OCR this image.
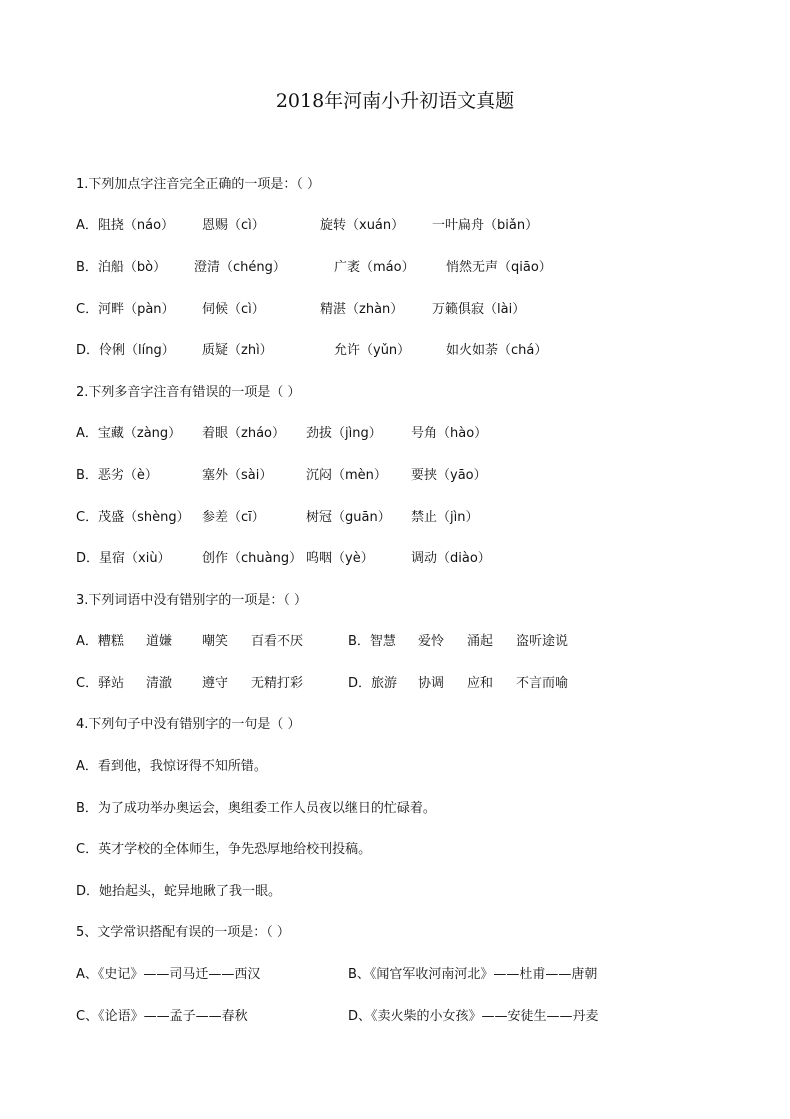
2018年河南小升初语文真题
1.下列加点字注音完全正确的一项是：（ ）
A．阻挠（náo） 恩赐（cì）	旋转（xuán） 一叶扁舟（biǎn）
B．泊船（bò） 澄清（chéng）	广袤（máo） 悄然无声（qiāo）
C．河畔（pàn） 伺候（cì）	精湛（zhàn） 万籁俱寂（lài）
D．伶俐（líng） 质疑（zhì）	允许（yǔn）	如火如荼（chá）
2.下列多音字注音有错误的一项是（ ）
A．宝藏（zàng） 着眼（zháo） 劲拔（jìng） 号角（hào）
B．恶劣（è）	塞外（sài）	沉闷（mèn） 要挟（yāo）
C．茂盛（shèng） 参差（cī）	树冠（guān） 禁止（jìn）
D．星宿（xiù） 创作（chuàng） 呜咽（yè）	调动（diào）
3.下列词语中没有错别字的一项是：（ ）
A．糟糕 道嫌 嘲笑 百看不厌	B．智慧 爱怜 涌起 盗听途说
C．驿站 清澈 遵守 无精打彩	D．旅游 协调 应和 不言而喻
4.下列句子中没有错别字的一句是（ ）
A．看到他，我惊讶得不知所错。
B．为了成功举办奥运会，奥组委工作人员夜以继日的忙碌着。
C．英才学校的全体师生，争先恐厚地给校刊投稿。
D．她抬起头，蛇异地瞅了我一眼。
5、文学常识搭配有误的一项是：（ ）
A、《史记》——司马迁——西汉	B、《闻官军收河南河北》——杜甫——唐朝
C、《论语》——孟子——春秋	D、《卖火柴的小女孩》——安徒生——丹麦
